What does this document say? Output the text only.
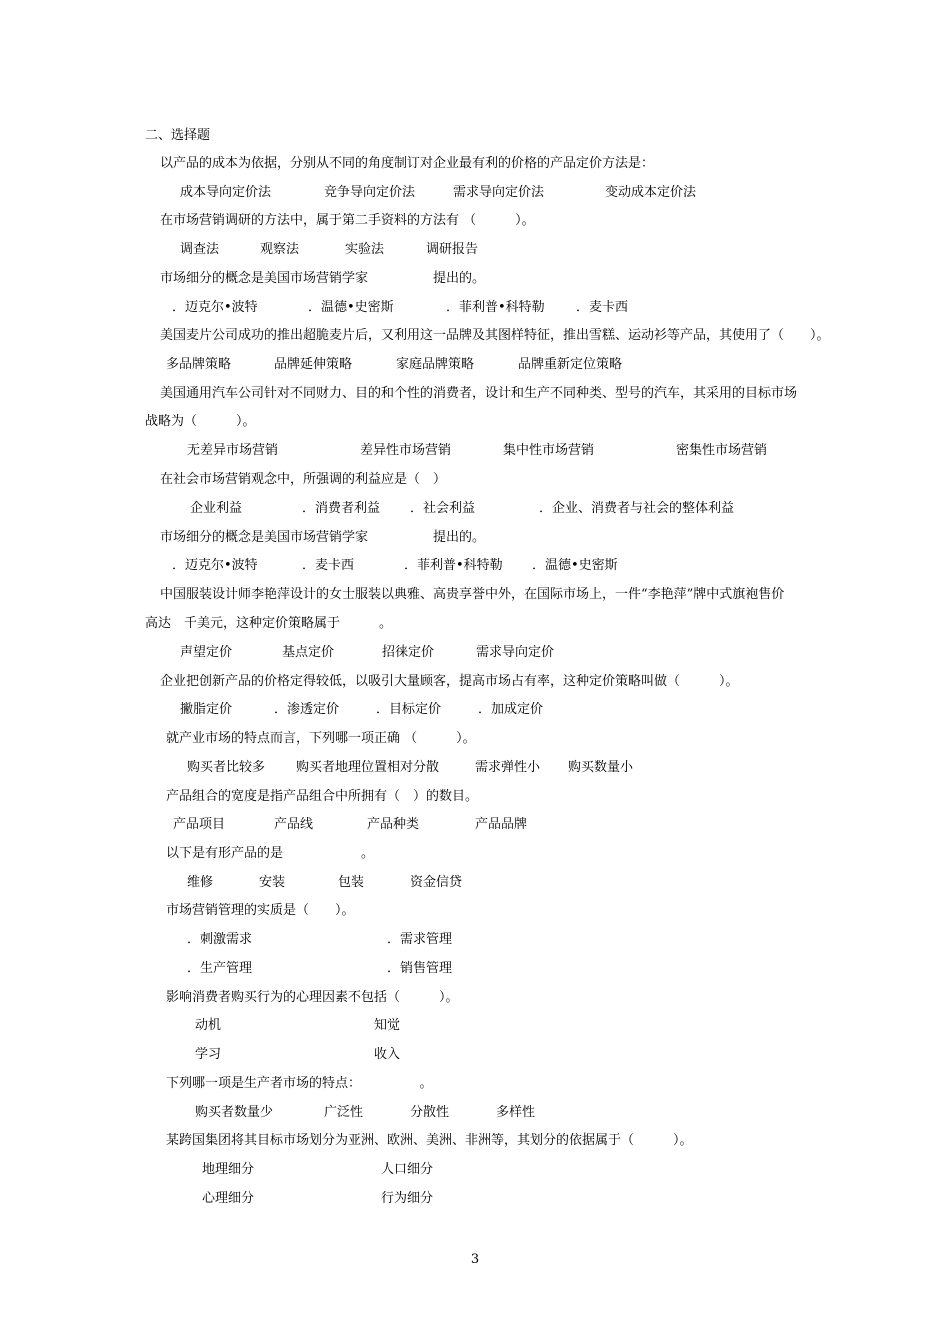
二、选择题
以产品的成本为依据，分别从不同的角度制订对企业最有利的价格的产品定价方法是：
成本导向定价法	竞争导向定价法	需求导向定价法	变动成本定价法
在市场营销调研的方法中，属于第二手资料的方法有 （　　　）。
调查法	观察法	实验法	调研报告
市场细分的概念是美国市场营销学家　　　　　提出的。
．迈克尔•波特	．温德•史密斯	．菲利普•科特勒 ．麦卡西
美国麦片公司成功的推出超脆麦片后，又利用这一品牌及其图样特征，推出雪糕、运动衫等产品，其使用了（　　）。
多品牌策略	品牌延伸策略	家庭品牌策略	品牌重新定位策略
美国通用汽车公司针对不同财力、目的和个性的消费者，设计和生产不同种类、型号的汽车，其采用的目标市场
战略为（　　　）。
无差异市场营销	差异性市场营销	集中性市场营销	密集性市场营销
在社会市场营销观念中，所强调的利益应是（　）
企业利益	．消费者利益 ．社会利益	．企业、消费者与社会的整体利益
市场细分的概念是美国市场营销学家　　　　　提出的。
．迈克尔•波特	．麦卡西	．菲利普•科特勒 ．温德•史密斯
中国服装设计师李艳萍设计的女士服装以典雅、高贵享誉中外，在国际市场上，一件“李艳萍”牌中式旗袍售价
高达　千美元，这种定价策略属于　　　。
声望定价	基点定价	招徕定价	需求导向定价
企业把创新产品的价格定得较低，以吸引大量顾客，提高市场占有率，这种定价策略叫做（　　　）。
撇脂定价	．渗透定价	．目标定价	．加成定价
就产业市场的特点而言，下列哪一项正确 （　　　）。
购买者比较多 购买者地理位置相对分散	需求弹性小 购买数量小
产品组合的宽度是指产品组合中所拥有（　）的数目。
产品项目	产品线	产品种类	产品品牌
以下是有形产品的是　　　　　　。
维修	安装	包装	资金信贷
市场营销管理的实质是（　　）。
．刺激需求	．需求管理
．生产管理	．销售管理
影响消费者购买行为的心理因素不包括（　　　）。
动机	知觉
学习	收入
下列哪一项是生产者市场的特点：　　　　　。
购买者数量少	广泛性	分散性	多样性
某跨国集团将其目标市场划分为亚洲、欧洲、美洲、非洲等，其划分的依据属于（　　　）。
地理细分	人口细分
心理细分	行为细分
3
